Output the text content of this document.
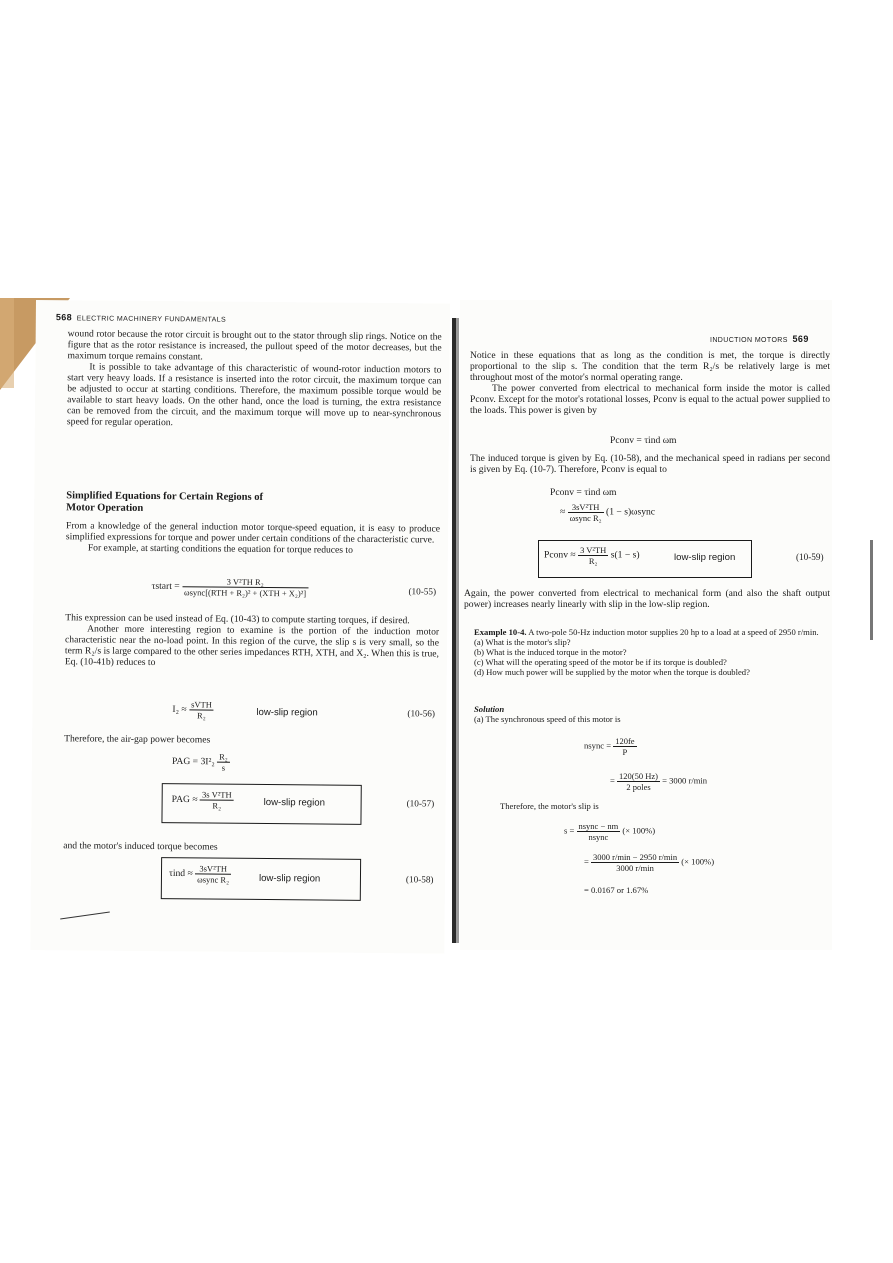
568 ELECTRIC MACHINERY FUNDAMENTALS

wound rotor because the rotor circuit is brought out to the stator through slip rings. Notice on the figure that as the rotor resistance is increased, the pullout speed of the motor decreases, but the maximum torque remains constant.

It is possible to take advantage of this characteristic of wound-rotor induction motors to start very heavy loads. If a resistance is inserted into the rotor circuit, the maximum torque can be adjusted to occur at starting conditions. Therefore, the maximum possible torque would be available to start heavy loads. On the other hand, once the load is turning, the extra resistance can be removed from the circuit, and the maximum torque will move up to near-synchronous speed for regular operation.

Simplified Equations for Certain Regions of
Motor Operation

From a knowledge of the general induction motor torque-speed equation, it is easy to produce simplified expressions for torque and power under certain conditions of the characteristic curve.

For example, at starting conditions the equation for torque reduces to

τstart = $\frac{\text{3 V²TH R₂}}{\text{ωsync[(RTH + R₂)² + (XTH + X₂)²]}}$	(10-55)

This expression can be used instead of Eq. (10-43) to compute starting torques, if desired.

Another more interesting region to examine is the portion of the induction motor characteristic near the no-load point. In this region of the curve, the slip s is very small, so the term R₂/s is large compared to the other series impedances RTH, XTH, and X₂. When this is true, Eq. (10-41b) reduces to

$I_2 \approx \frac{\text{sVTH}}{\text{R₂}}$	low-slip region	(10-56)

Therefore, the air-gap power becomes

PAG = $3I^2_2 \frac{\text{R₂}}{s}$
PAG ≈ $\frac{\text{3s V²TH}}{\text{R₂}}$	low-slip region	(10-57)

and the motor's induced torque becomes

$\tau ind \approx \frac{\text{3sV²TH}}{\text{ωsync R₂}}$	low-slip region	(10-58)
INDUCTION MOTORS 569

Notice in these equations that as long as the condition is met, the torque is directly proportional to the slip s. The condition that the term R₂/s be relatively large is met throughout most of the motor's normal operating range.

The power converted from electrical to mechanical form inside the motor is called Pconv. Except for the motor's rotational losses, Pconv is equal to the actual power supplied to the loads. This power is given by

Pconv = τind ωm

The induced torque is given by Eq. (10-58), and the mechanical speed in radians per second is given by Eq. (10-7). Therefore, Pconv is equal to

Pconv = τind ωm
≈ $\frac{\text{3sV²TH}}{\text{ωsync R₂}} (1$ − s)ωsync
Pconv ≈ $\frac{\text{3 V²TH}}{\text{R₂}} s(1 - s)$	low-slip region	(10-59)

Again, the power converted from electrical to mechanical form (and also the shaft output power) increases nearly linearly with slip in the low-slip region.

Example 10-4. A two-pole 50-Hz induction motor supplies 20 hp to a load at a speed of 2950 r/min.

(a) What is the motor's slip?

(b) What is the induced torque in the motor?

(c) What will the operating speed of the motor be if its torque is doubled?

(d) How much power will be supplied by the motor when the torque is doubled?

Solution

(a) The synchronous speed of this motor is

nsync = $\frac{120fe}{P}$
= $\frac{120(50 Hz)}{\text{2 poles}} = 3000$ r/min

Therefore, the motor's slip is

$s = \frac{\text{nsync − nm}}{\text{nsync}}$ (× 100%)
= $\frac{3000 r/\min - 2950 r/\min}{3000 r/\min}$ (× 100%)
= 0.0167 or 1.67%
